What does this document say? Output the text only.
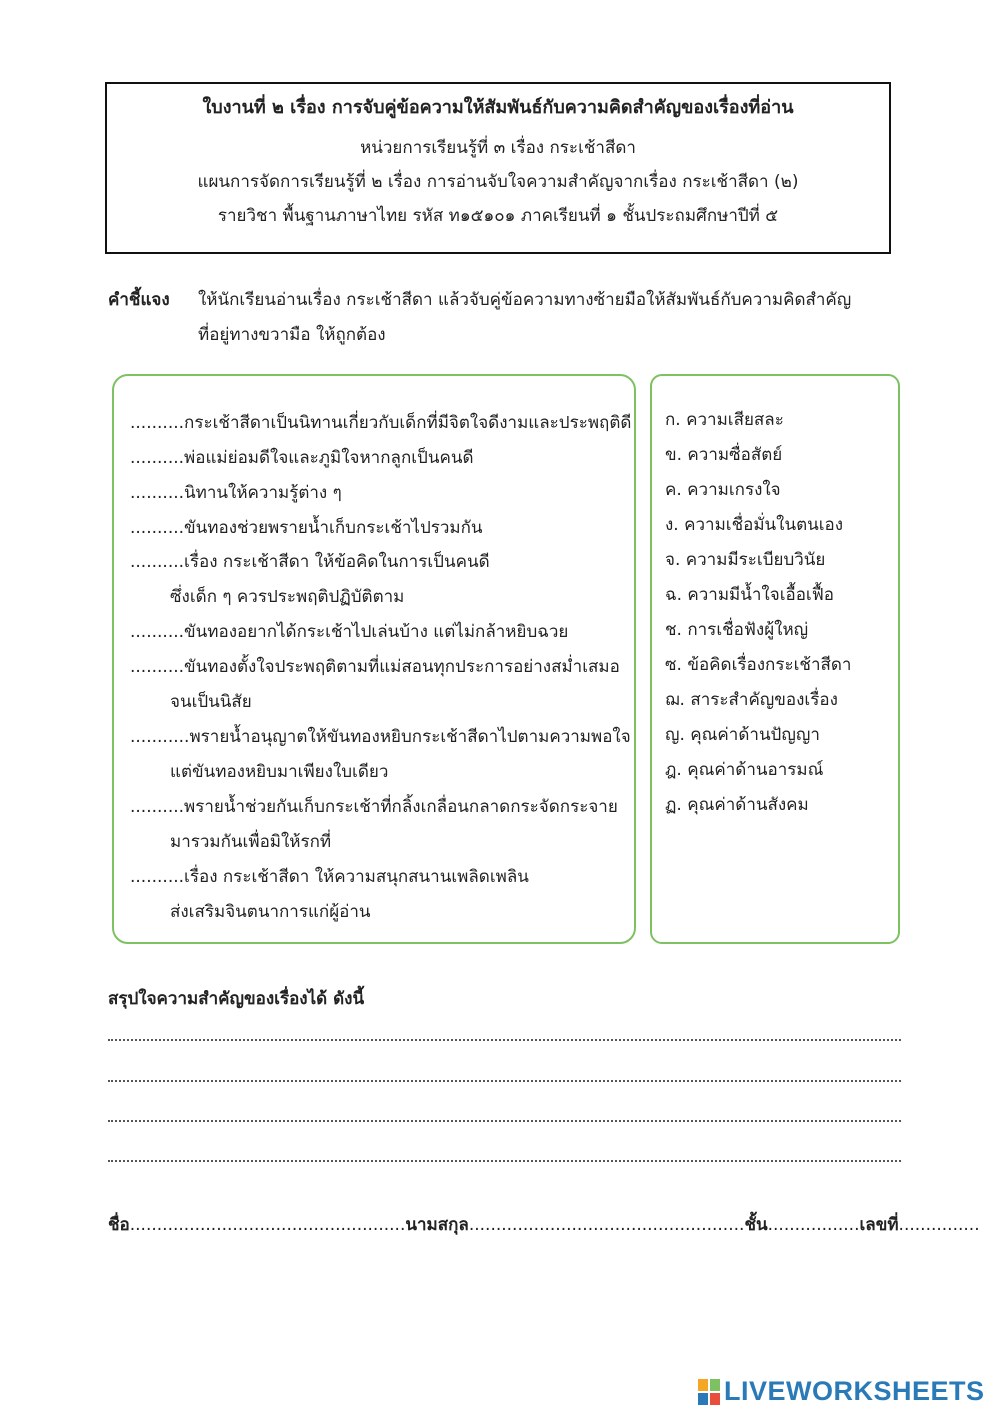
ใบงานที่ ๒ เรื่อง การจับคู่ข้อความให้สัมพันธ์กับความคิดสำคัญของเรื่องที่อ่าน
หน่วยการเรียนรู้ที่ ๓ เรื่อง กระเช้าสีดา
แผนการจัดการเรียนรู้ที่ ๒ เรื่อง การอ่านจับใจความสำคัญจากเรื่อง กระเช้าสีดา (๒)
รายวิชา พื้นฐานภาษาไทย รหัส ท๑๕๑๐๑ ภาคเรียนที่ ๑ ชั้นประถมศึกษาปีที่ ๕
คำชี้แจง ให้นักเรียนอ่านเรื่อง กระเช้าสีดา แล้วจับคู่ข้อความทางซ้ายมือให้สัมพันธ์กับความคิดสำคัญ
ที่อยู่ทางขวามือ ให้ถูกต้อง
..........กระเช้าสีดาเป็นนิทานเกี่ยวกับเด็กที่มีจิตใจดีงามและประพฤติดี
..........พ่อแม่ย่อมดีใจและภูมิใจหากลูกเป็นคนดี
..........นิทานให้ความรู้ต่าง ๆ
..........ขันทองช่วยพรายน้ำเก็บกระเช้าไปรวมกัน
..........เรื่อง กระเช้าสีดา ให้ข้อคิดในการเป็นคนดี
ซึ่งเด็ก ๆ ควรประพฤติปฏิบัติตาม
..........ขันทองอยากได้กระเช้าไปเล่นบ้าง แต่ไม่กล้าหยิบฉวย
..........ขันทองตั้งใจประพฤติตามที่แม่สอนทุกประการอย่างสม่ำเสมอ
จนเป็นนิสัย
...........พรายน้ำอนุญาตให้ขันทองหยิบกระเช้าสีดาไปตามความพอใจ
แต่ขันทองหยิบมาเพียงใบเดียว
..........พรายน้ำช่วยกันเก็บกระเช้าที่กลิ้งเกลื่อนกลาดกระจัดกระจาย
มารวมกันเพื่อมิให้รกที่
..........เรื่อง กระเช้าสีดา ให้ความสนุกสนานเพลิดเพลิน
ส่งเสริมจินตนาการแก่ผู้อ่าน
ก. ความเสียสละ
ข. ความซื่อสัตย์
ค. ความเกรงใจ
ง. ความเชื่อมั่นในตนเอง
จ. ความมีระเบียบวินัย
ฉ. ความมีน้ำใจเอื้อเฟื้อ
ช. การเชื่อฟังผู้ใหญ่
ซ. ข้อคิดเรื่องกระเช้าสีดา
ฌ. สาระสำคัญของเรื่อง
ญ. คุณค่าด้านปัญญา
ฎ. คุณค่าด้านอารมณ์
ฏ. คุณค่าด้านสังคม
สรุปใจความสำคัญของเรื่องได้ ดังนี้
ชื่อ...................................................นามสกุล...................................................ชั้น.................เลขที่...............
LIVEWORKSHEETS
